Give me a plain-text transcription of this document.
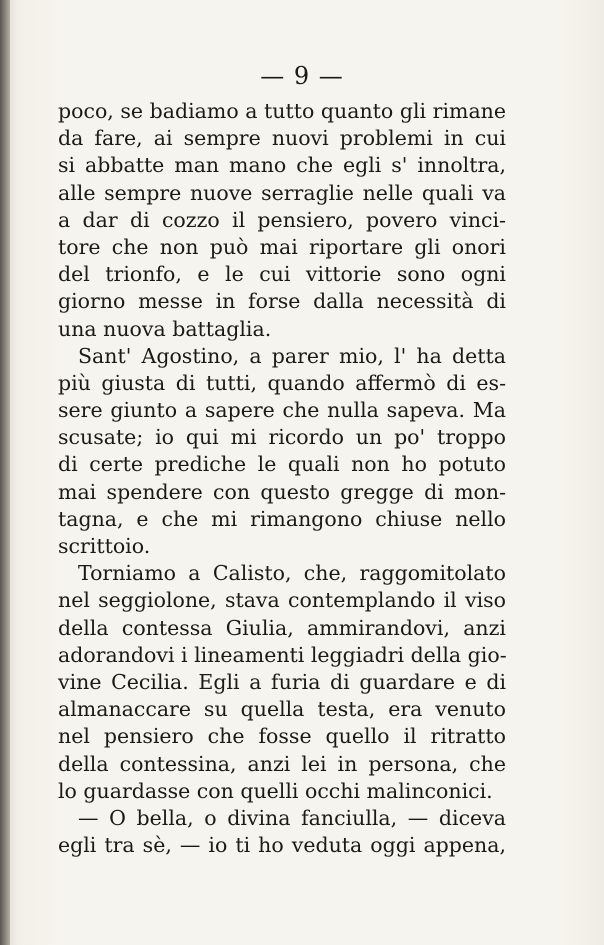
— 9 —
poco, se badiamo a tutto quanto gli rimane
da fare, ai sempre nuovi problemi in cui
si abbatte man mano che egli s' innoltra,
alle sempre nuove serraglie nelle quali va
a dar di cozzo il pensiero, povero vinci-
tore che non può mai riportare gli onori
del trionfo, e le cui vittorie sono ogni
giorno messe in forse dalla necessità di
una nuova battaglia.
Sant' Agostino, a parer mio, l' ha detta
più giusta di tutti, quando affermò di es-
sere giunto a sapere che nulla sapeva. Ma
scusate; io qui mi ricordo un po' troppo
di certe prediche le quali non ho potuto
mai spendere con questo gregge di mon-
tagna, e che mi rimangono chiuse nello
scrittoio.
Torniamo a Calisto, che, raggomitolato
nel seggiolone, stava contemplando il viso
della contessa Giulia, ammirandovi, anzi
adorandovi i lineamenti leggiadri della gio-
vine Cecilia. Egli a furia di guardare e di
almanaccare su quella testa, era venuto
nel pensiero che fosse quello il ritratto
della contessina, anzi lei in persona, che
lo guardasse con quelli occhi malinconici.
— O bella, o divina fanciulla, — diceva
egli tra sè, — io ti ho veduta oggi appena,
